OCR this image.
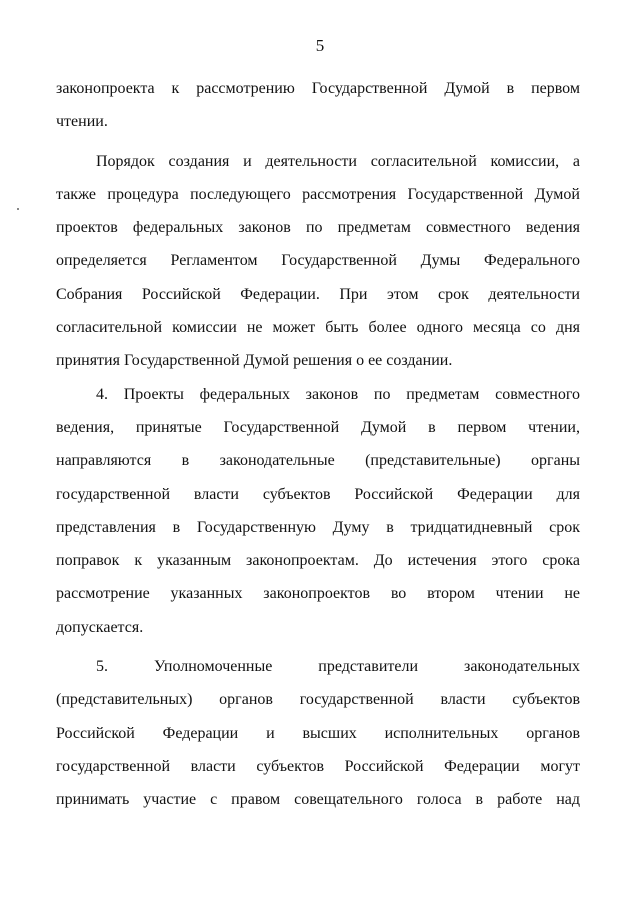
5
законопроекта к рассмотрению Государственной Думой в первом
чтении.
Порядок создания и деятельности согласительной комиссии, а
также процедура последующего рассмотрения Государственной Думой
проектов федеральных законов по предметам совместного ведения
определяется Регламентом Государственной Думы Федерального
Собрания Российской Федерации. При этом срок деятельности
согласительной комиссии не может быть более одного месяца со дня
принятия Государственной Думой решения о ее создании.
4. Проекты федеральных законов по предметам совместного
ведения, принятые Государственной Думой в первом чтении,
направляются в законодательные (представительные) органы
государственной власти субъектов Российской Федерации для
представления в Государственную Думу в тридцатидневный срок
поправок к указанным законопроектам. До истечения этого срока
рассмотрение указанных законопроектов во втором чтении не
допускается.
5. Уполномоченные представители законодательных
(представительных) органов государственной власти субъектов
Российской Федерации и высших исполнительных органов
государственной власти субъектов Российской Федерации могут
принимать участие с правом совещательного голоса в работе над
